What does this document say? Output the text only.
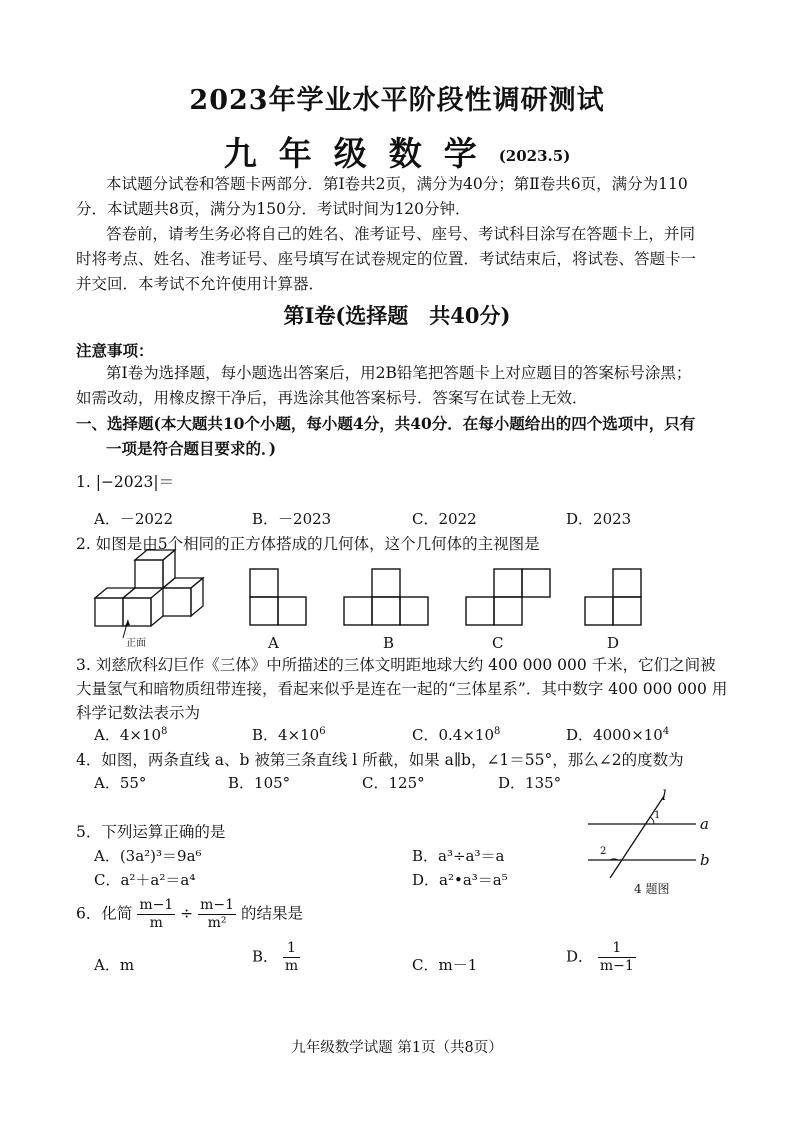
2023年学业水平阶段性调研测试
九年级数学(2023.5)
本试题分试卷和答题卡两部分．第Ⅰ卷共2页，满分为40分；第Ⅱ卷共6页，满分为110
分．本试题共8页，满分为150分．考试时间为120分钟．
答卷前，请考生务必将自己的姓名、准考证号、座号、考试科目涂写在答题卡上，并同
时将考点、姓名、准考证号、座号填写在试卷规定的位置．考试结束后，将试卷、答题卡一
并交回．本考试不允许使用计算器．
第Ⅰ卷(选择题　共40分)
注意事项：
第Ⅰ卷为选择题，每小题选出答案后，用2B铅笔把答题卡上对应题目的答案标号涂黑；
如需改动，用橡皮擦干净后，再选涂其他答案标号．答案写在试卷上无效．
一、选择题(本大题共10个小题，每小题4分，共40分．在每小题给出的四个选项中，只有
一项是符合题目要求的．)
1. |−2023|＝
A．－2022	B．－2023	C．2022	D．2023
2. 如图是由5个相同的正方体搭成的几何体，这个几何体的主视图是
正面	A	B	C	D
3. 刘慈欣科幻巨作《三体》中所描述的三体文明距地球大约 400 000 000 千米，它们之间被
大量氢气和暗物质纽带连接，看起来似乎是连在一起的“三体星系”．其中数字 400 000 000 用
科学记数法表示为
A．$4\times 10^8$	B．$4\times 10^6$	C．$0.4\times 10^8$	D．$4000\times 10^4$
4．如图，两条直线 a、b 被第三条直线 l 所截，如果 a∥b，∠1＝55°，那么∠2的度数为
A．55°	B．105°	C．125°	D．135°
l
a
b
1
2
4 题图
5．下列运算正确的是
A．(3a²)³＝9a⁶	B．a³÷a³＝a
C．a²＋a²＝a⁴	D．a²•a³＝a⁵
6．化简 $\frac{m-1}{m} \div \frac{m-1}{\text{m²}}$ 的结果是
A．m	B． $\frac{1}{m}$	C．m－1	D． $\frac{1}{m-1}$
九年级数学试题 第1页（共8页）
